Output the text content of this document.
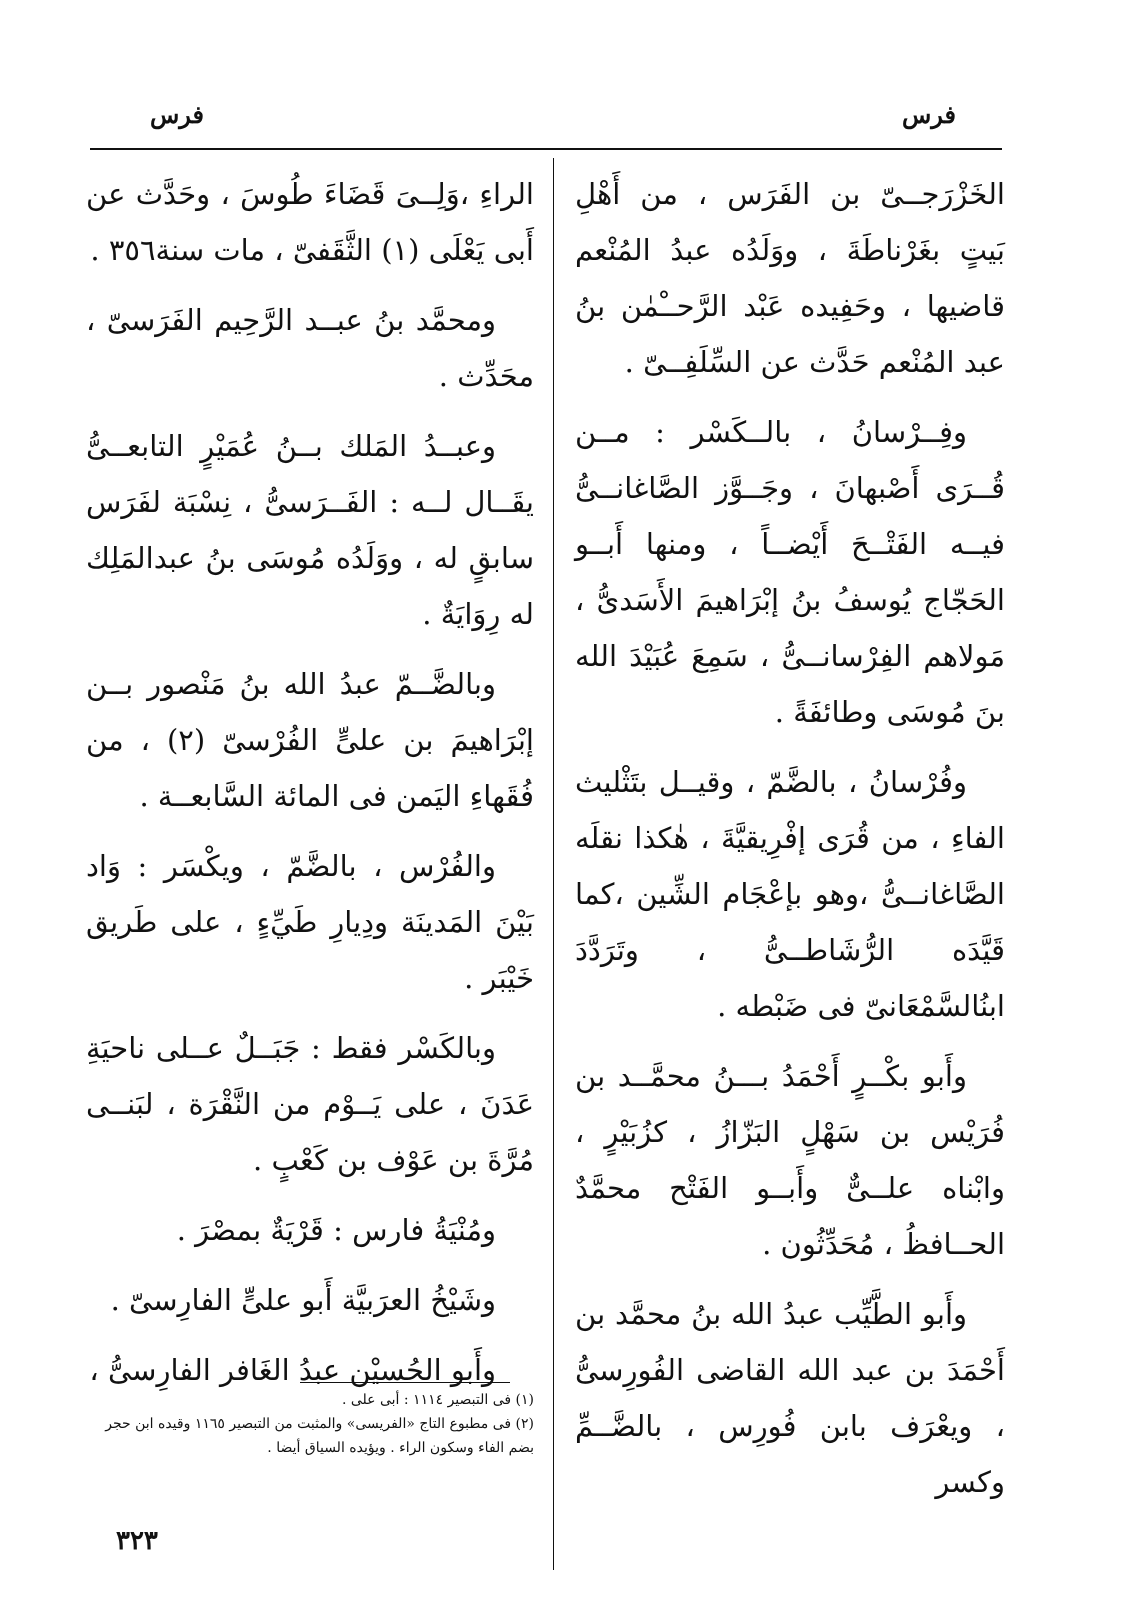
فرس	فرس

الخَزْرَجــىّ بن الفَرَس ، من أَهْلِ بَيتٍ بغَرْناطَةَ ، ووَلَدُه عبدُ المُنْعم قاضيها ، وحَفِيده عَبْد الرَّحــْمٰن بنُ عبد المُنْعم حَدَّث عن السِّلَفِــىّ .

وفِــرْسانُ ، بالــكَسْر : مــن قُــرَى أَصْبهانَ ، وجَــوَّز الصَّاغانــىُّ فيــه الفَتْــحَ أَيْضــاً ، ومنها أَبــو الحَجّاج يُوسفُ بنُ إبْرَاهيمَ الأَسَدىُّ ، مَولاهم الفِرْسانــىُّ ، سَمِعَ عُبَيْدَ الله بنَ مُوسَى وطائفَةً .

وفُرْسانُ ، بالضَّمّ ، وقيــل بتَثْليث الفاءِ ، من قُرَى إفْرِيقيَّةَ ، هٰكذا نقلَه الصَّاغانــىُّ ،وهو بإعْجَام الشِّين ،كما قَيَّدَه الرُّشَاطــىُّ ، وتَرَدَّدَ ابنُالسَّمْعَانىّ فى ضَبْطه .

وأَبو بكْــرٍ أَحْمَدُ بـــنُ محمَّــد بن فُرَيْس بن سَهْلٍ البَزّازُ ، كزُبَيْرٍ ، وابْناه علــىٌّ وأَبــو الفَتْح محمَّدٌ الحــافظُ ، مُحَدِّثُون .

وأَبو الطَّيِّب عبدُ الله بنُ محمَّد بن أَحْمَدَ بن عبد الله القاضى الفُورِسىُّ ، ويعْرَف بابن فُورِس ، بالضَّــمِّ وكسر

الراءِ ،وَلِــىَ قَضَاءَ طُوسَ ، وحَدَّث عن أَبى يَعْلَى (١) الثَّقَفىّ ، مات سنة٣٥٦ .

ومحمَّد بنُ عبــد الرَّحِيم الفَرَسىّ ، محَدِّث .

وعبــدُ المَلك بــنُ عُمَيْرٍ التابعــىُّ يقَــال لــه : الفَــرَسىُّ ، نِسْبَة لفَرَس سابقٍ له ، ووَلَدُه مُوسَى بنُ عبدالمَلِك له رِوَايَةٌ .

وبالضَّــمّ عبدُ الله بنُ مَنْصور بــن إبْرَاهيمَ بن علىٍّ الفُرْسىّ (٢) ، من فُقَهاءِ اليَمن فى المائة السَّابعــة .

والفُرْس ، بالضَّمّ ، ويكْسَر : وَاد بَيْنَ المَدينَة ودِيارِ طَيِّءٍ ، على طَريق خَيْبَر .

وبالكَسْر فقط : جَبَــلٌ عــلى ناحيَةِ عَدَنَ ، على يَــوْم من النَّقْرَة ، لبَنــى مُرَّةَ بن عَوْف بن كَعْبٍ .

ومُنْيَةُ فارس : قَرْيَةٌ بمصْرَ .

وشَيْخُ العرَبيَّة أَبو علىٍّ الفارِسىّ .

وأَبو الحُسيْن عبدُ الغَافر الفارِسىُّ ،

(١) فى التبصير ١١١٤ : أبى على .
(٢) فى مطبوع التاج «الفريسى» والمثبت من التبصير ١١٦٥ وقيده ابن حجر بضم الفاء وسكون الراء . ويؤيده السياق أيضا .
٣٢٣
